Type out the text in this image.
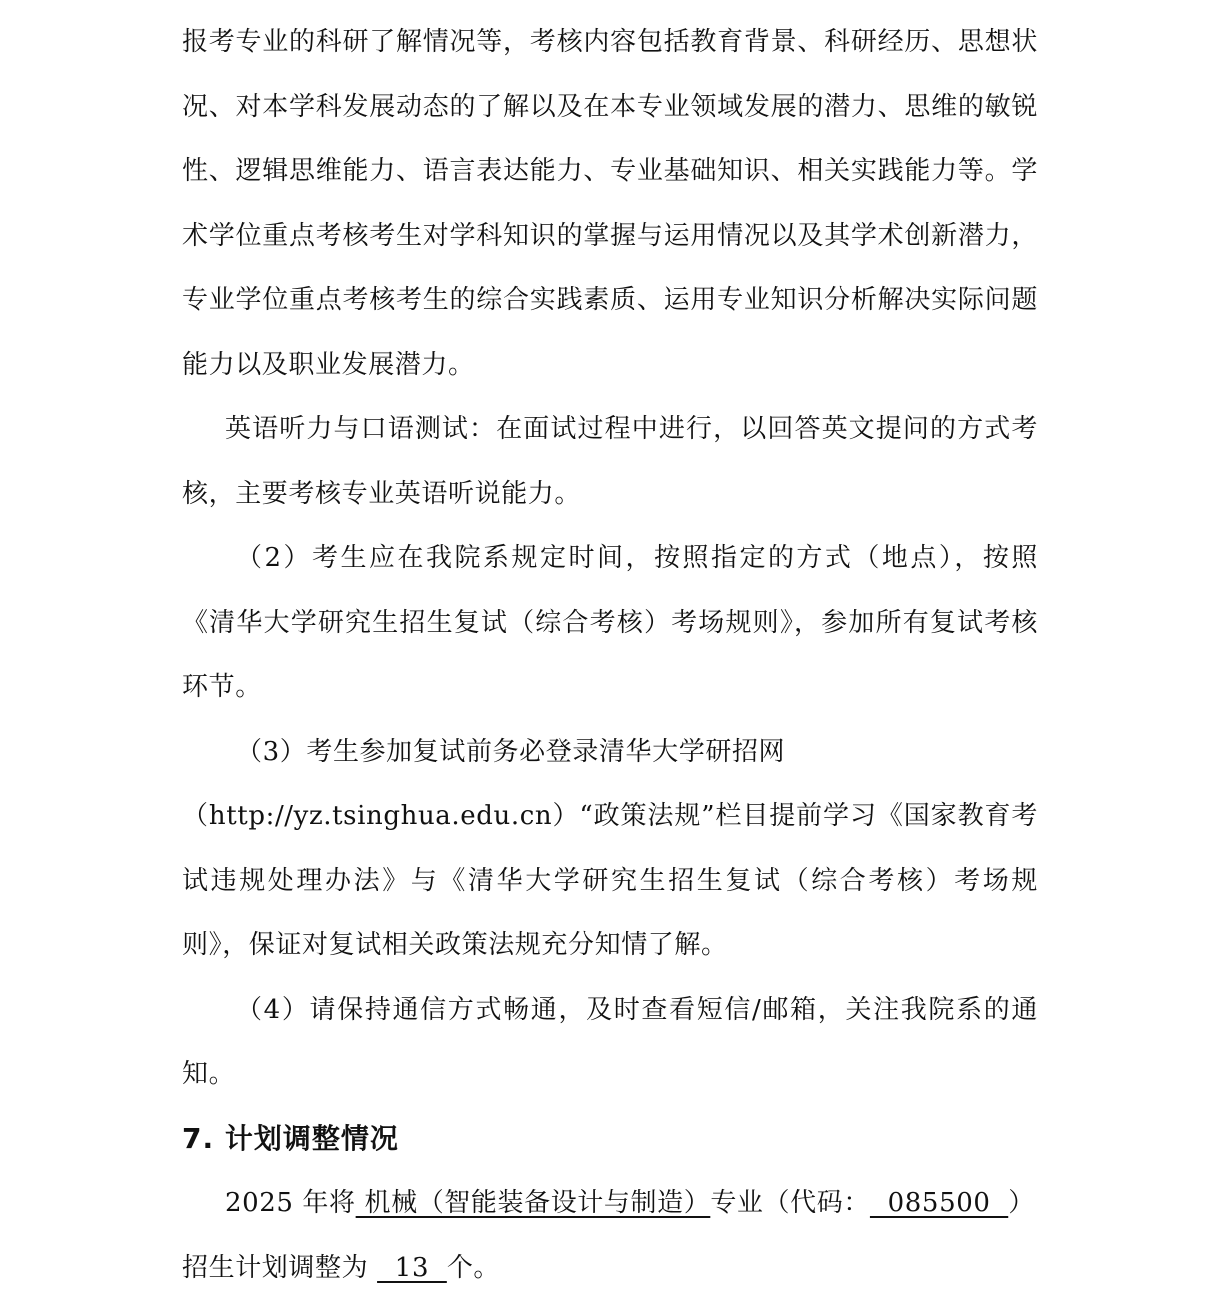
报考专业的科研了解情况等，考核内容包括教育背景、科研经历、思想状况、对本学科发展动态的了解以及在本专业领域发展的潜力、思维的敏锐性、逻辑思维能力、语言表达能力、专业基础知识、相关实践能力等。学术学位重点考核考生对学科知识的掌握与运用情况以及其学术创新潜力，专业学位重点考核考生的综合实践素质、运用专业知识分析解决实际问题能力以及职业发展潜力。

英语听力与口语测试：在面试过程中进行，以回答英文提问的方式考核，主要考核专业英语听说能力。

（2）考生应在我院系规定时间，按照指定的方式（地点），按照《清华大学研究生招生复试（综合考核）考场规则》，参加所有复试考核环节。

（3）考生参加复试前务必登录清华大学研招网

（http://yz.tsinghua.edu.cn）“政策法规”栏目提前学习《国家教育考试违规处理办法》与《清华大学研究生招生复试（综合考核）考场规则》，保证对复试相关政策法规充分知情了解。

（4）请保持通信方式畅通，及时查看短信/邮箱，关注我院系的通知。

7. 计划调整情况

2025 年将 机械（智能装备设计与制造）专业（代码：  085500  ）
招生计划调整为   13  个。
